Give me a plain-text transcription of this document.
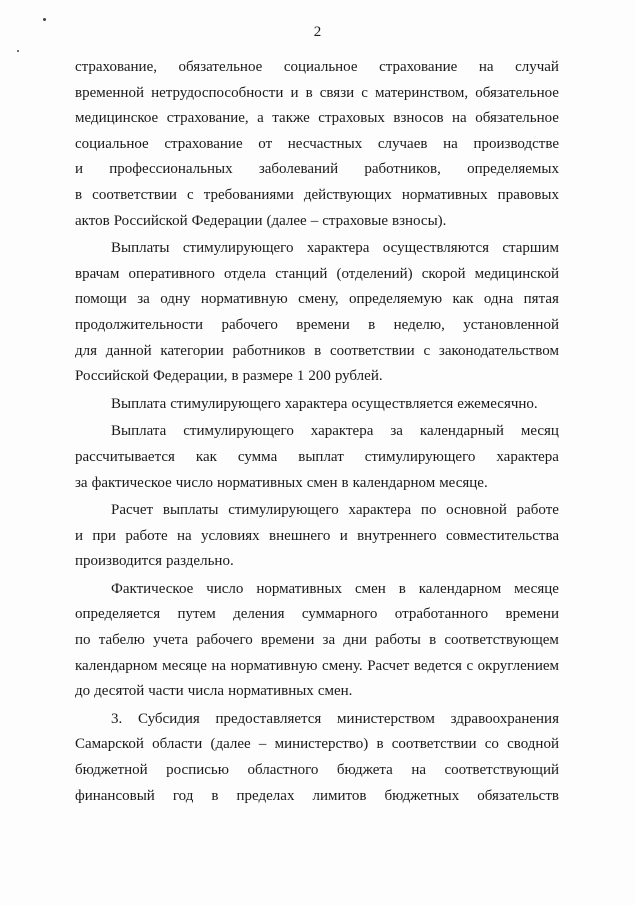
2
страхование, обязательное социальное страхование на случай
временной нетрудоспособности и в связи с материнством, обязательное
медицинское страхование, а также страховых взносов на обязательное
социальное страхование от несчастных случаев на производстве
и профессиональных заболеваний работников, определяемых
в соответствии с требованиями действующих нормативных правовых
актов Российской Федерации (далее – страховые взносы).
Выплаты стимулирующего характера осуществляются старшим
врачам оперативного отдела станций (отделений) скорой медицинской
помощи за одну нормативную смену, определяемую как одна пятая
продолжительности рабочего времени в неделю, установленной
для данной категории работников в соответствии с законодательством
Российской Федерации, в размере 1 200 рублей.
Выплата стимулирующего характера осуществляется ежемесячно.
Выплата стимулирующего характера за календарный месяц
рассчитывается как сумма выплат стимулирующего характера
за фактическое число нормативных смен в календарном месяце.
Расчет выплаты стимулирующего характера по основной работе
и при работе на условиях внешнего и внутреннего совместительства
производится раздельно.
Фактическое число нормативных смен в календарном месяце
определяется путем деления суммарного отработанного времени
по табелю учета рабочего времени за дни работы в соответствующем
календарном месяце на нормативную смену. Расчет ведется с округлением
до десятой части числа нормативных смен.
3. Субсидия предоставляется министерством здравоохранения
Самарской области (далее – министерство) в соответствии со сводной
бюджетной росписью областного бюджета на соответствующий
финансовый год в пределах лимитов бюджетных обязательств
